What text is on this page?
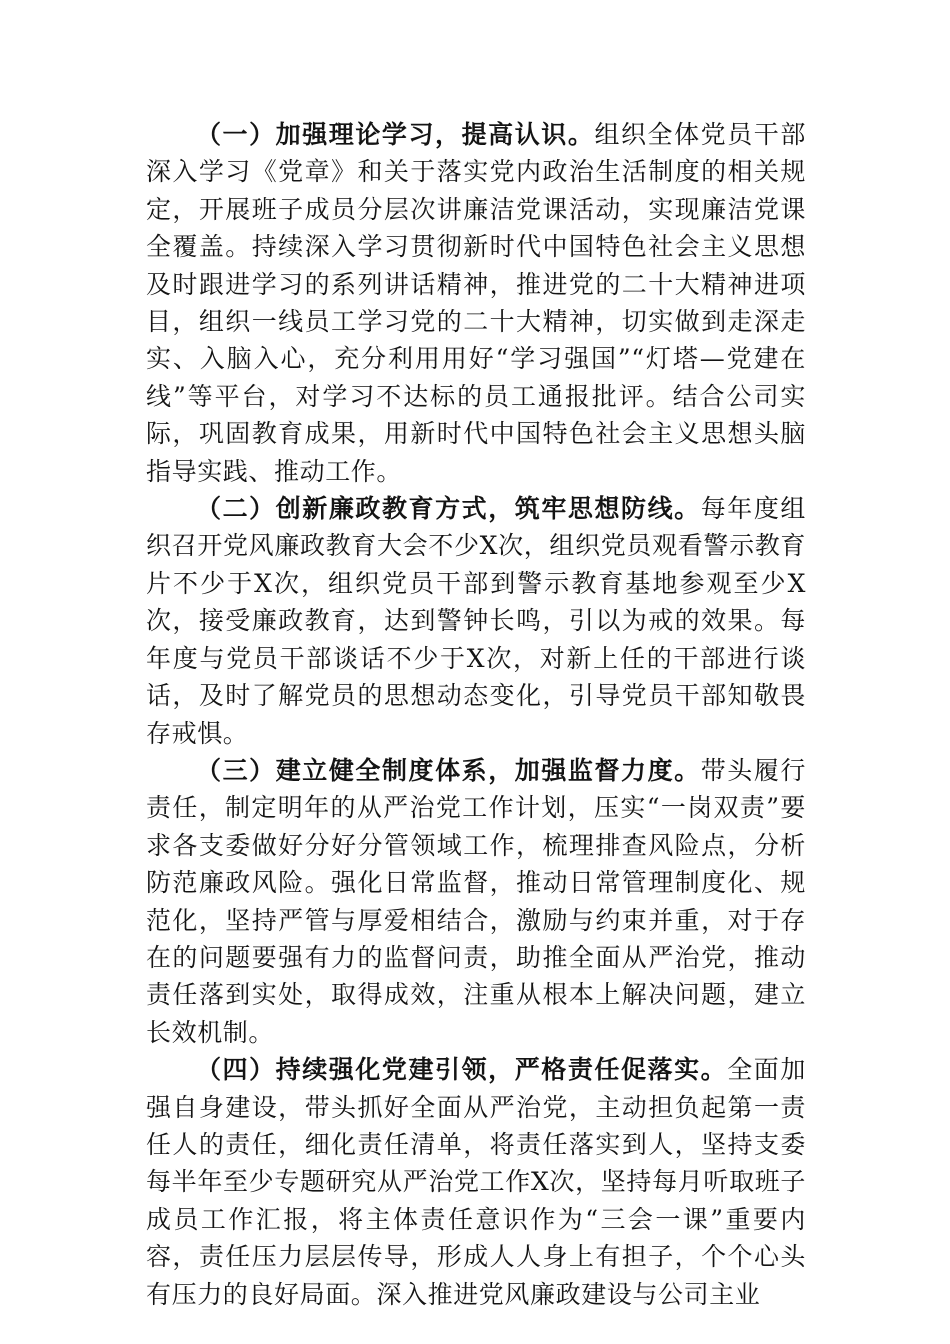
（一）加强理论学习，提高认识。组织全体党员干部深入学习《党章》和关于落实党内政治生活制度的相关规定，开展班子成员分层次讲廉洁党课活动，实现廉洁党课全覆盖。持续深入学习贯彻新时代中国特色社会主义思想及时跟进学习的系列讲话精神，推进党的二十大精神进项目，组织一线员工学习党的二十大精神，切实做到走深走实、入脑入心，充分利用用好“学习强国”“灯塔—党建在线”等平台，对学习不达标的员工通报批评。结合公司实际，巩固教育成果，用新时代中国特色社会主义思想头脑指导实践、推动工作。

（二）创新廉政教育方式，筑牢思想防线。每年度组织召开党风廉政教育大会不少X次，组织党员观看警示教育片不少于X次，组织党员干部到警示教育基地参观至少X次，接受廉政教育，达到警钟长鸣，引以为戒的效果。每年度与党员干部谈话不少于X次，对新上任的干部进行谈话，及时了解党员的思想动态变化，引导党员干部知敬畏存戒惧。

（三）建立健全制度体系，加强监督力度。带头履行责任，制定明年的从严治党工作计划，压实“一岗双责”要求各支委做好分好分管领域工作，梳理排查风险点，分析防范廉政风险。强化日常监督，推动日常管理制度化、规范化，坚持严管与厚爱相结合，激励与约束并重，对于存在的问题要强有力的监督问责，助推全面从严治党，推动责任落到实处，取得成效，注重从根本上解决问题，建立长效机制。

（四）持续强化党建引领，严格责任促落实。全面加强自身建设，带头抓好全面从严治党，主动担负起第一责任人的责任，细化责任清单，将责任落实到人，坚持支委每半年至少专题研究从严治党工作X次，坚持每月听取班子成员工作汇报，将主体责任意识作为“三会一课”重要内容，责任压力层层传导，形成人人身上有担子，个个心头有压力的良好局面。深入推进党风廉政建设与公司主业
